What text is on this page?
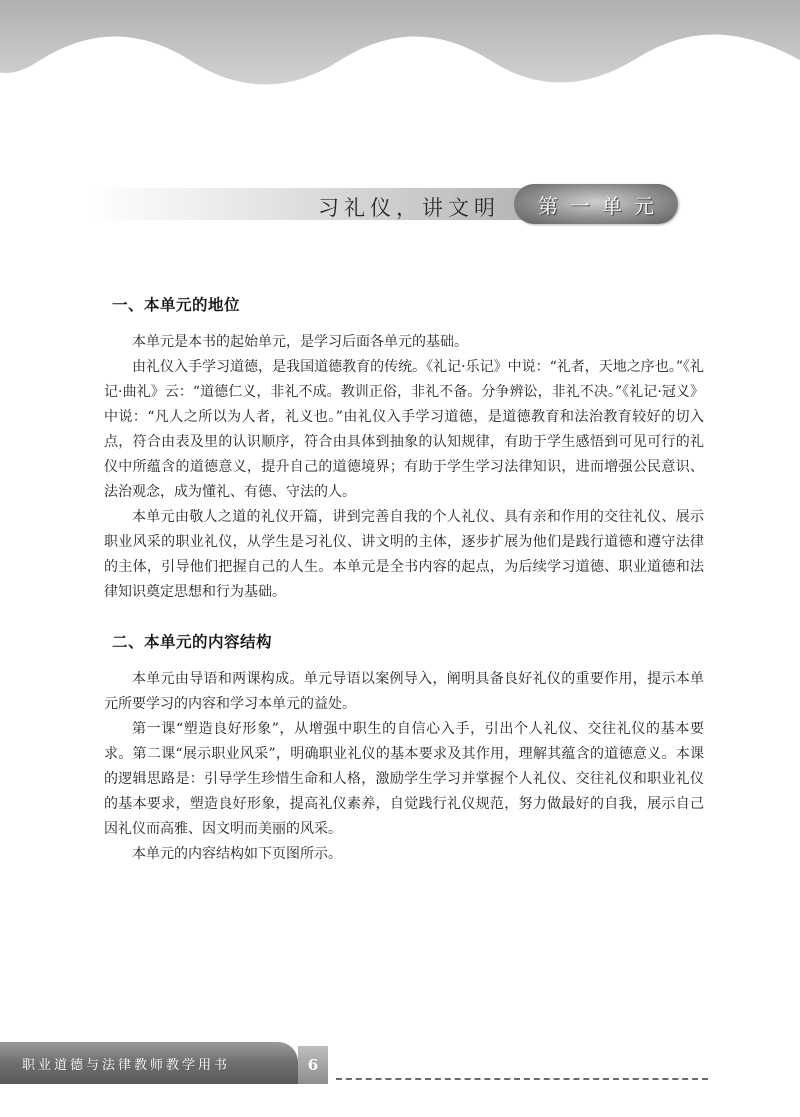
习礼仪，讲文明	第一单元
一、本单元的地位

本单元是本书的起始单元，是学习后面各单元的基础。

由礼仪入手学习道德，是我国道德教育的传统。《礼记·乐记》中说：“礼者，天地之序也。”《礼记·曲礼》云：“道德仁义，非礼不成。教训正俗，非礼不备。分争辨讼，非礼不决。”《礼记·冠义》中说：“凡人之所以为人者，礼义也。”由礼仪入手学习道德，是道德教育和法治教育较好的切入点，符合由表及里的认识顺序，符合由具体到抽象的认知规律，有助于学生感悟到可见可行的礼仪中所蕴含的道德意义，提升自己的道德境界；有助于学生学习法律知识，进而增强公民意识、法治观念，成为懂礼、有德、守法的人。

本单元由敬人之道的礼仪开篇，讲到完善自我的个人礼仪、具有亲和作用的交往礼仪、展示职业风采的职业礼仪，从学生是习礼仪、讲文明的主体，逐步扩展为他们是践行道德和遵守法律的主体，引导他们把握自己的人生。本单元是全书内容的起点，为后续学习道德、职业道德和法律知识奠定思想和行为基础。

二、本单元的内容结构

本单元由导语和两课构成。单元导语以案例导入，阐明具备良好礼仪的重要作用，提示本单元所要学习的内容和学习本单元的益处。

第一课“塑造良好形象”，从增强中职生的自信心入手，引出个人礼仪、交往礼仪的基本要求。第二课“展示职业风采”，明确职业礼仪的基本要求及其作用，理解其蕴含的道德意义。本课的逻辑思路是：引导学生珍惜生命和人格，激励学生学习并掌握个人礼仪、交往礼仪和职业礼仪的基本要求，塑造良好形象，提高礼仪素养，自觉践行礼仪规范，努力做最好的自我，展示自己因礼仪而高雅、因文明而美丽的风采。

本单元的内容结构如下页图所示。

职业道德与法律教师教学用书	6
